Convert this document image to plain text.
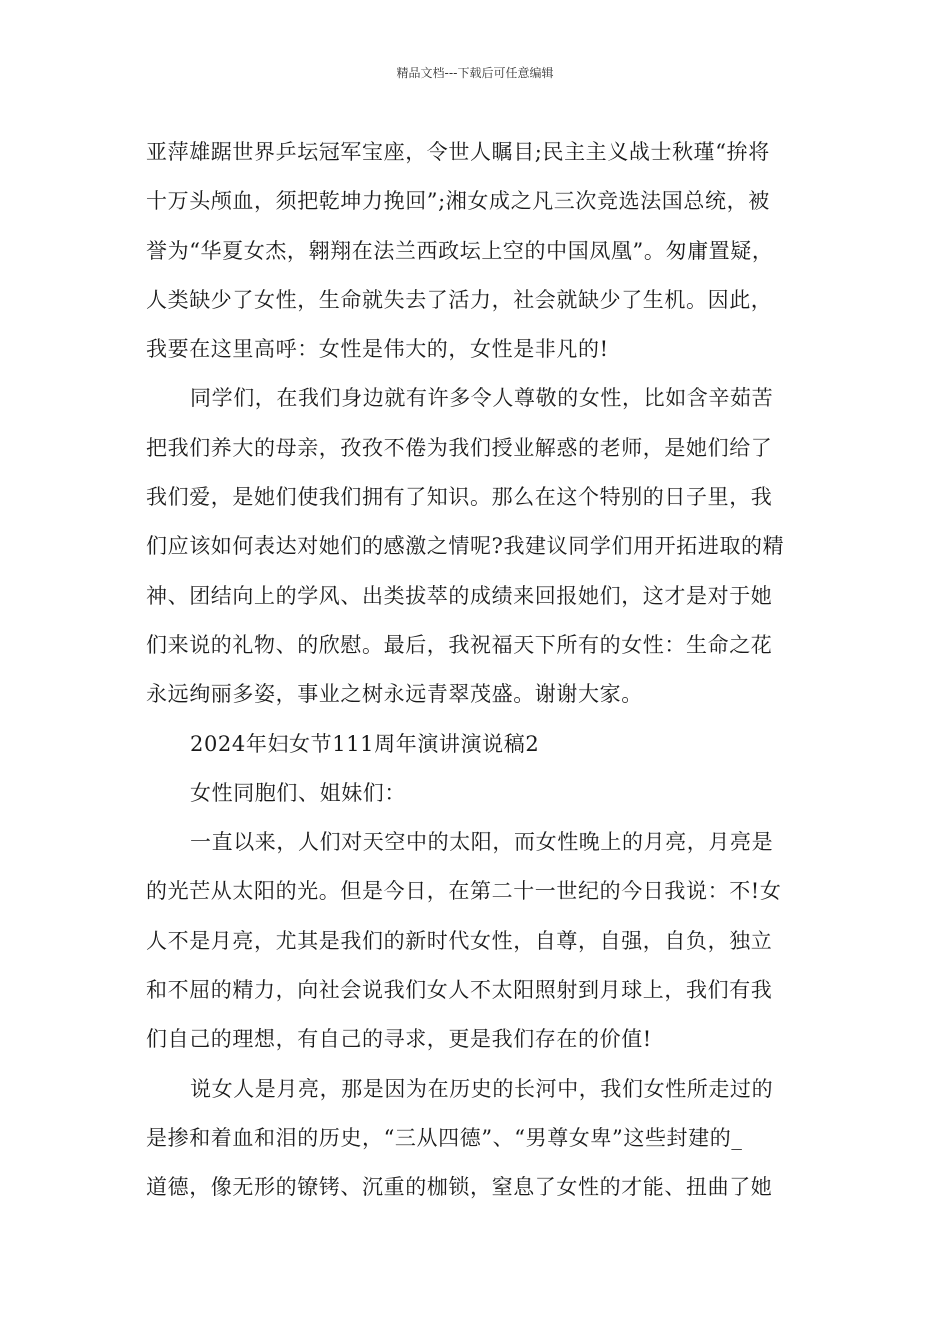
精品文档---下载后可任意编辑
亚萍雄踞世界乒坛冠军宝座，令世人瞩目;民主主义战士秋瑾“拚将
十万头颅血，须把乾坤力挽回”;湘女成之凡三次竞选法国总统，被
誉为“华夏女杰，翱翔在法兰西政坛上空的中国凤凰”。匆庸置疑，
人类缺少了女性，生命就失去了活力，社会就缺少了生机。因此，
我要在这里高呼：女性是伟大的，女性是非凡的!
同学们，在我们身边就有许多令人尊敬的女性，比如含辛茹苦
把我们养大的母亲，孜孜不倦为我们授业解惑的老师，是她们给了
我们爱，是她们使我们拥有了知识。那么在这个特别的日子里，我
们应该如何表达对她们的感激之情呢?我建议同学们用开拓进取的精
神、团结向上的学风、出类拔萃的成绩来回报她们，这才是对于她
们来说的礼物、的欣慰。最后，我祝福天下所有的女性：生命之花
永远绚丽多姿，事业之树永远青翠茂盛。谢谢大家。
2024年妇女节111周年演讲演说稿2
女性同胞们、姐妹们：
一直以来，人们对天空中的太阳，而女性晚上的月亮，月亮是
的光芒从太阳的光。但是今日，在第二十一世纪的今日我说：不!女
人不是月亮，尤其是我们的新时代女性，自尊，自强，自负，独立
和不屈的精力，向社会说我们女人不太阳照射到月球上，我们有我
们自己的理想，有自己的寻求，更是我们存在的价值!
说女人是月亮，那是因为在历史的长河中，我们女性所走过的
是掺和着血和泪的历史，“三从四德”、“男尊女卑”这些封建的_
道德，像无形的镣铐、沉重的枷锁，窒息了女性的才能、扭曲了她
